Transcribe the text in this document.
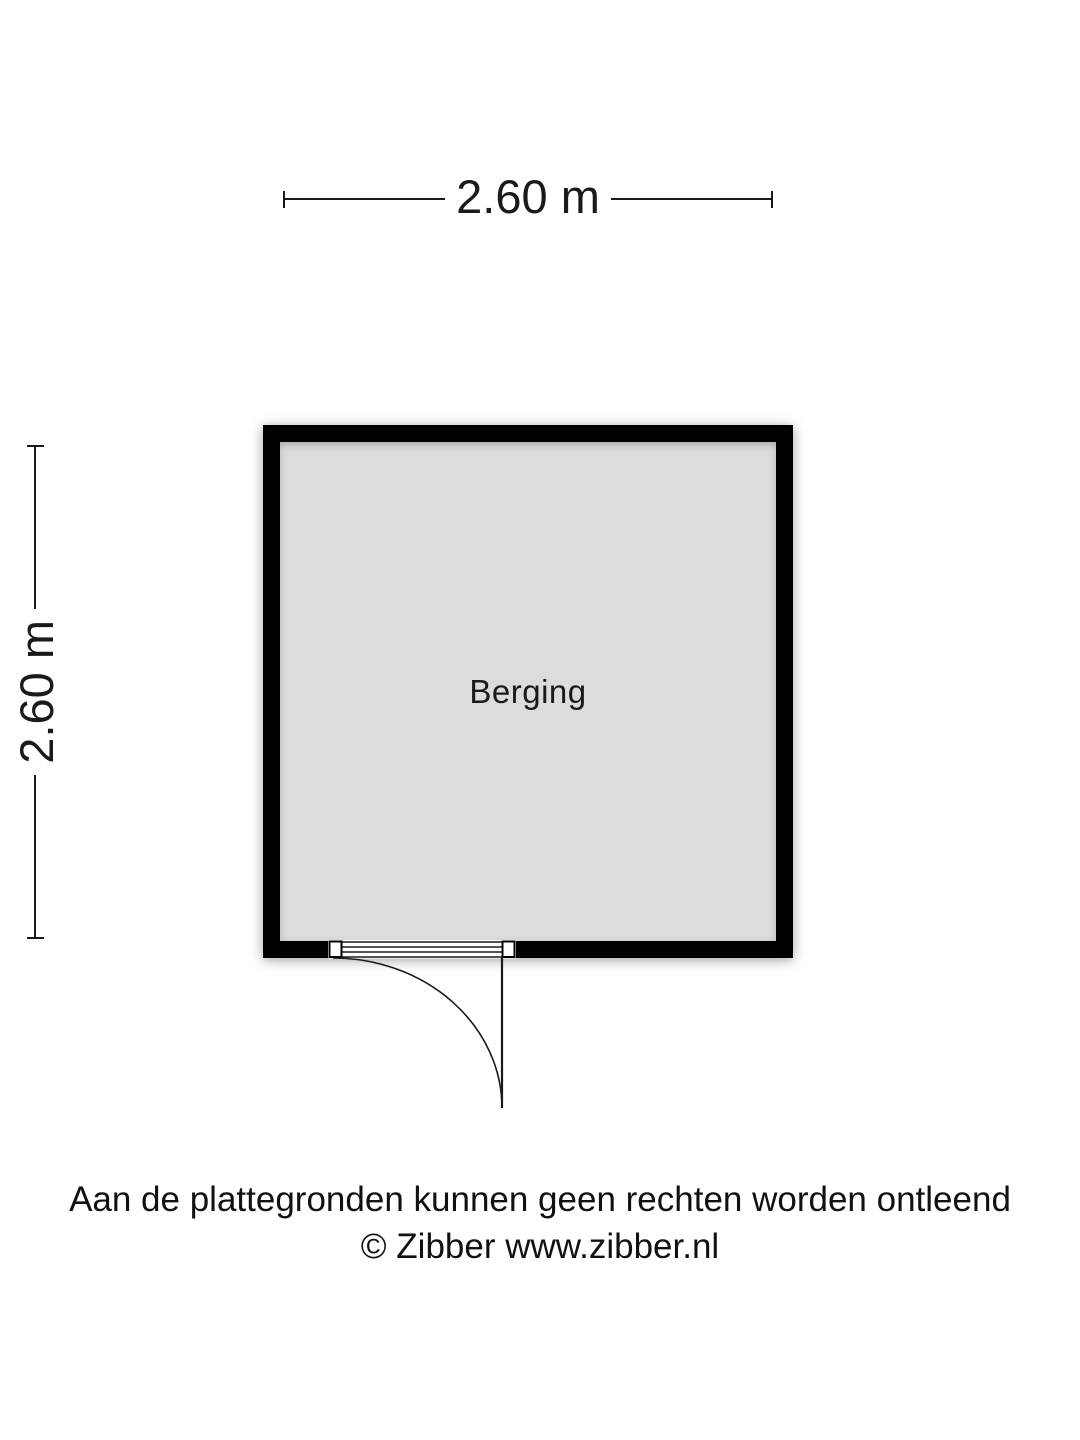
2.60 m
2.60 m	Berging
Aan de plattegronden kunnen geen rechten worden ontleend
© Zibber www.zibber.nl
